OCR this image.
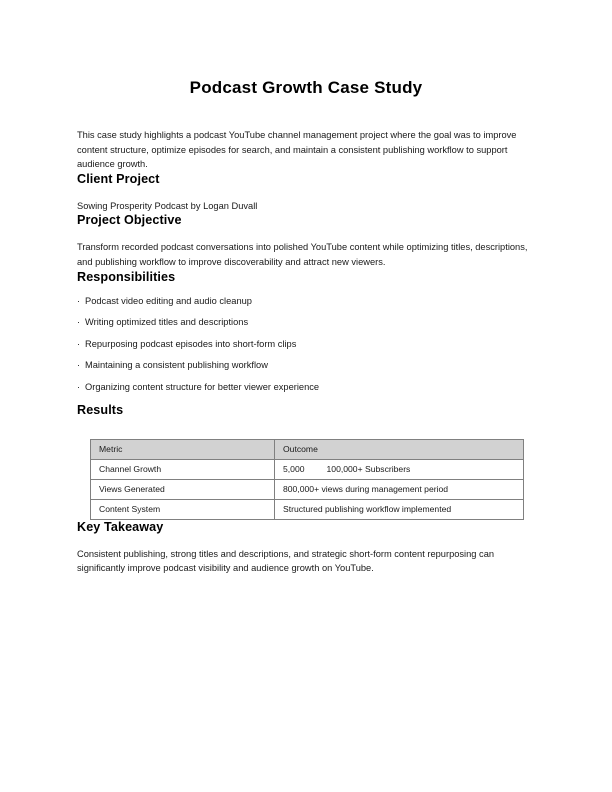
Podcast Growth Case Study

This case study highlights a podcast YouTube channel management project where the goal was to improve content structure, optimize episodes for search, and maintain a consistent publishing workflow to support audience growth.

Client Project

Sowing Prosperity Podcast by Logan Duvall

Project Objective

Transform recorded podcast conversations into polished YouTube content while optimizing titles, descriptions, and publishing workflow to improve discoverability and attract new viewers.

Responsibilities
· Podcast video editing and audio cleanup
· Writing optimized titles and descriptions
· Repurposing podcast episodes into short-form clips
· Maintaining a consistent publishing workflow
· Organizing content structure for better viewer experience
Results
Metric	Outcome
Channel Growth	5,000 100,000+ Subscribers
Views Generated	800,000+ views during management period
Content System	Structured publishing workflow implemented
Key Takeaway

Consistent publishing, strong titles and descriptions, and strategic short-form content repurposing can significantly improve podcast visibility and audience growth on YouTube.
